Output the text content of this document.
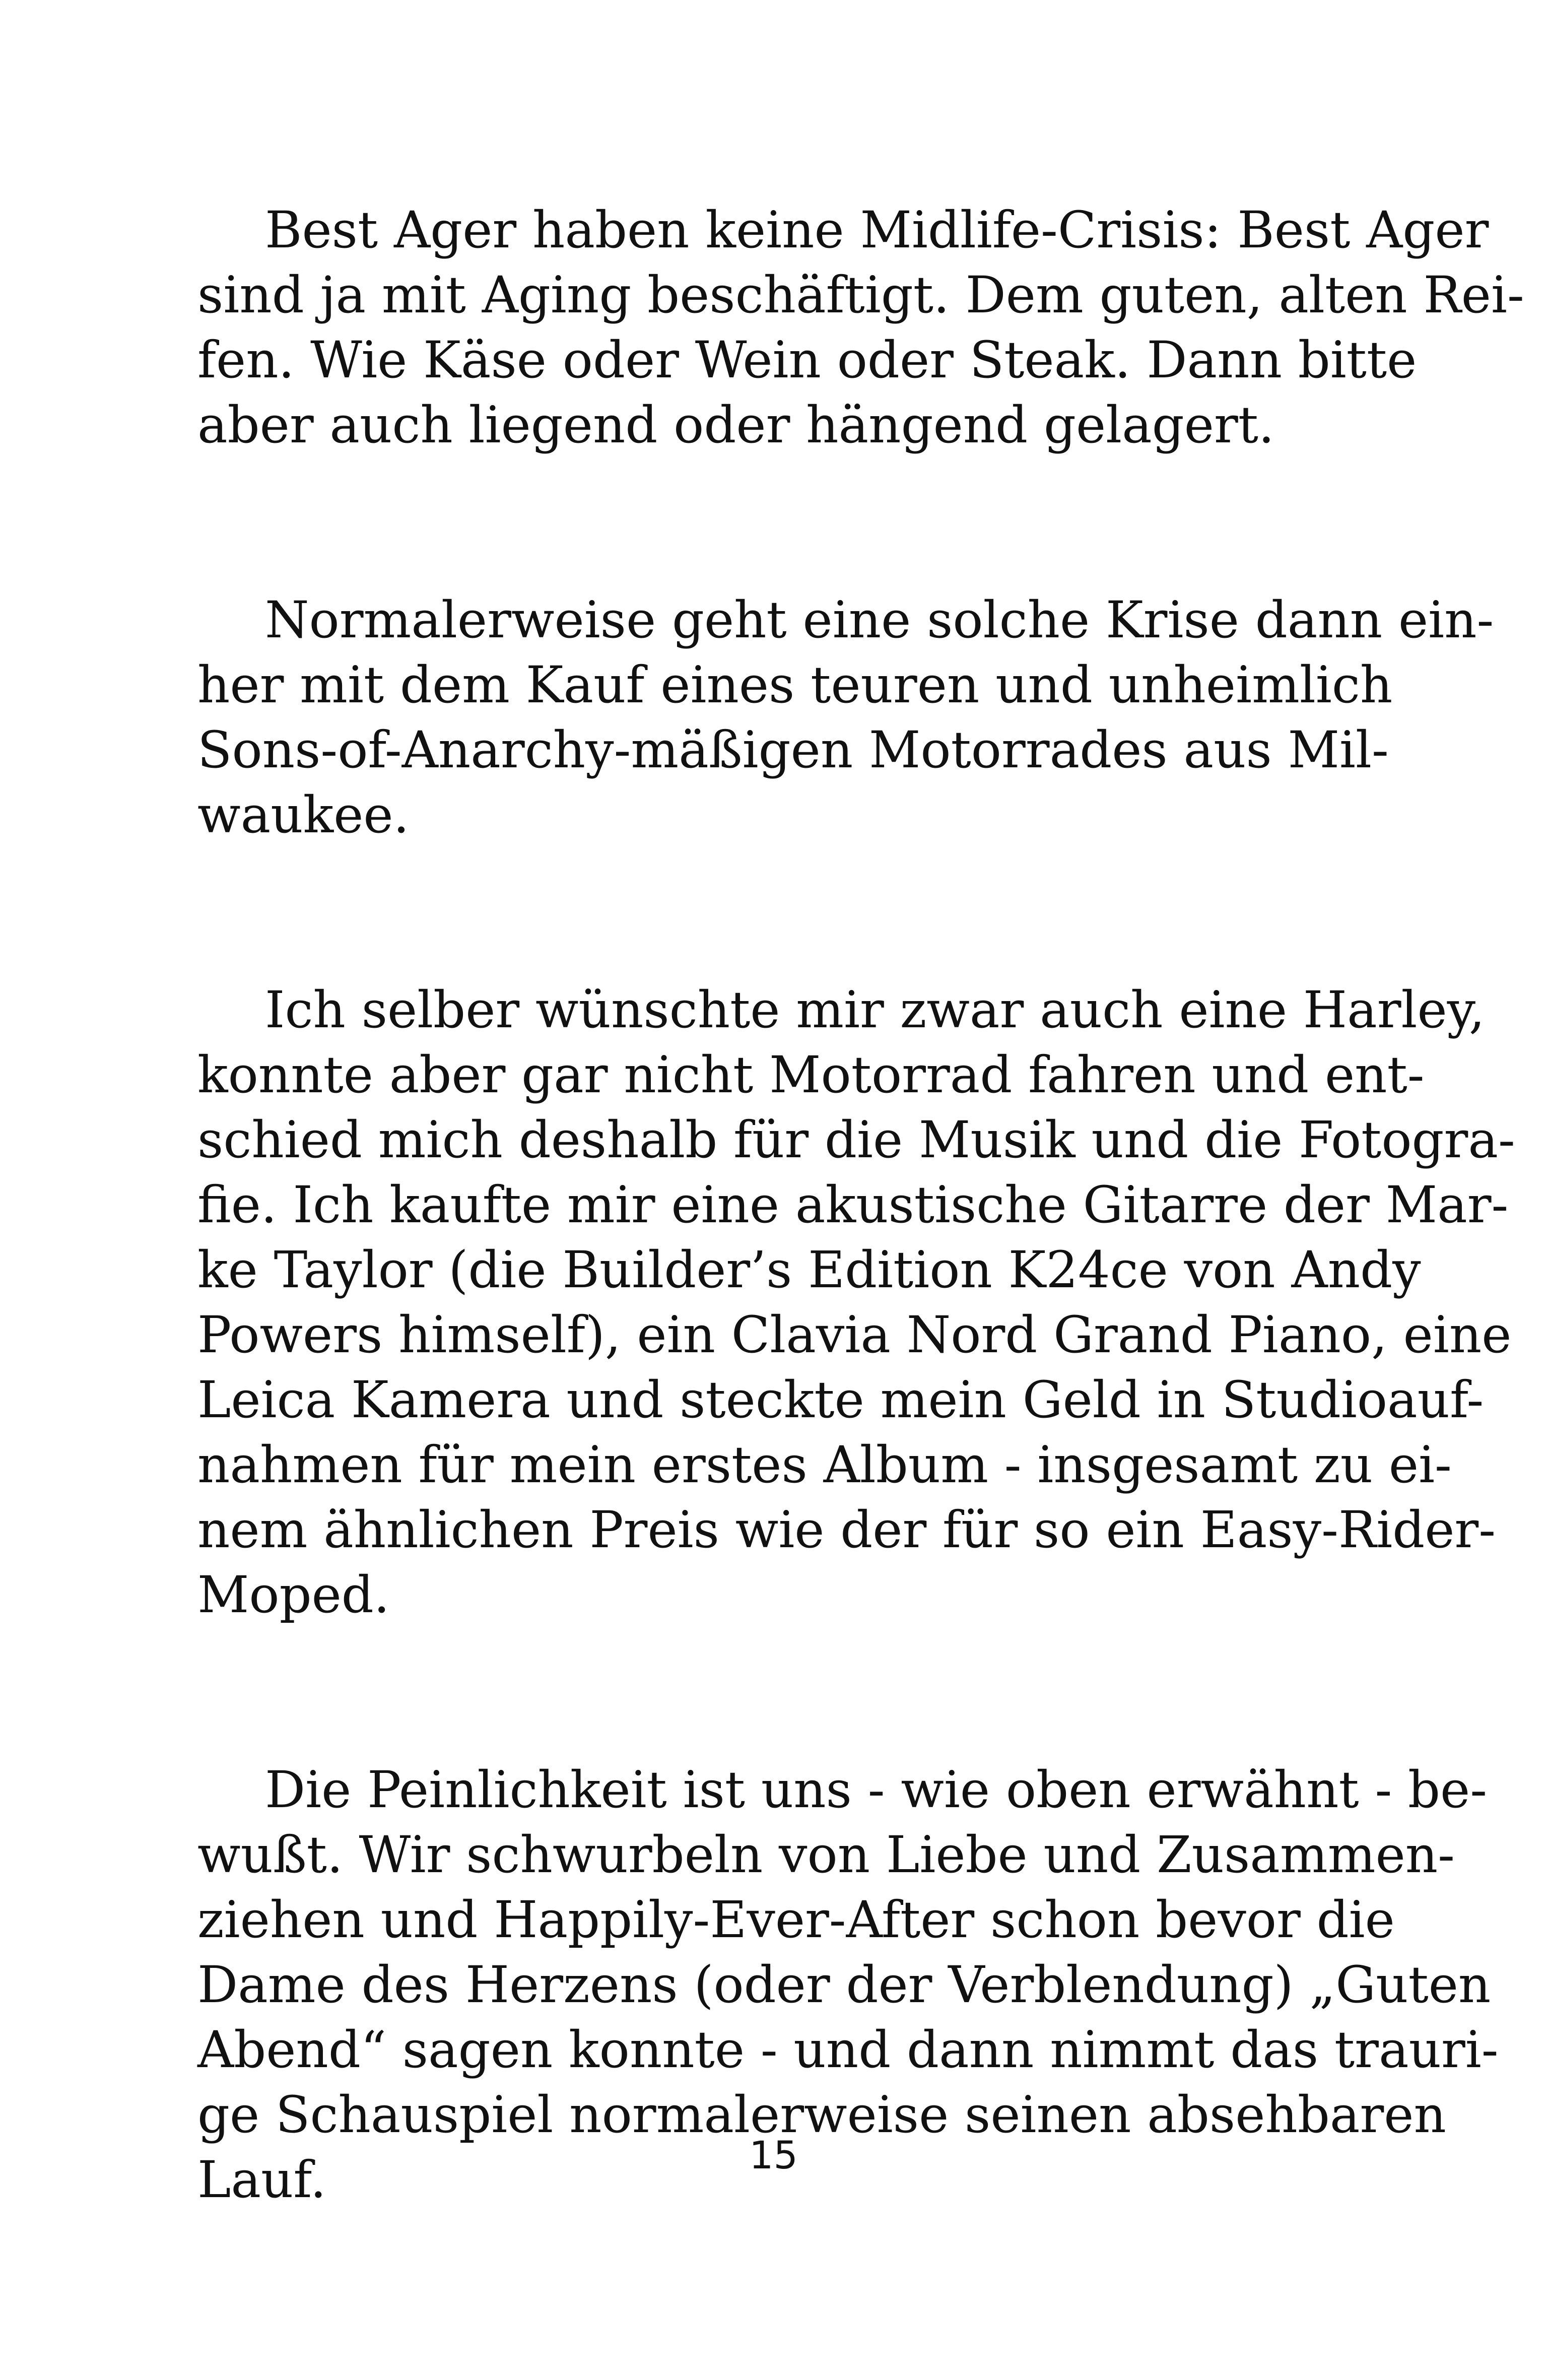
Best Ager haben keine Midlife-Crisis: Best Ager
sind ja mit Aging beschäftigt. Dem guten, alten Rei-
fen. Wie Käse oder Wein oder Steak. Dann bitte
aber auch liegend oder hängend gelagert.

Normalerweise geht eine solche Krise dann ein-
her mit dem Kauf eines teuren und unheimlich
Sons-of-Anarchy-mäßigen Motorrades aus Mil-
waukee.

Ich selber wünschte mir zwar auch eine Harley,
konnte aber gar nicht Motorrad fahren und ent-
schied mich deshalb für die Musik und die Fotogra-
fie. Ich kaufte mir eine akustische Gitarre der Mar-
ke Taylor (die Builder’s Edition K24ce von Andy
Powers himself), ein Clavia Nord Grand Piano, eine
Leica Kamera und steckte mein Geld in Studioauf-
nahmen für mein erstes Album - insgesamt zu ei-
nem ähnlichen Preis wie der für so ein Easy-Rider-
Moped.

Die Peinlichkeit ist uns - wie oben erwähnt - be-
wußt. Wir schwurbeln von Liebe und Zusammen-
ziehen und Happily-Ever-After schon bevor die
Dame des Herzens (oder der Verblendung) „Guten
Abend“ sagen konnte - und dann nimmt das trauri-
ge Schauspiel normalerweise seinen absehbaren
Lauf.	15
